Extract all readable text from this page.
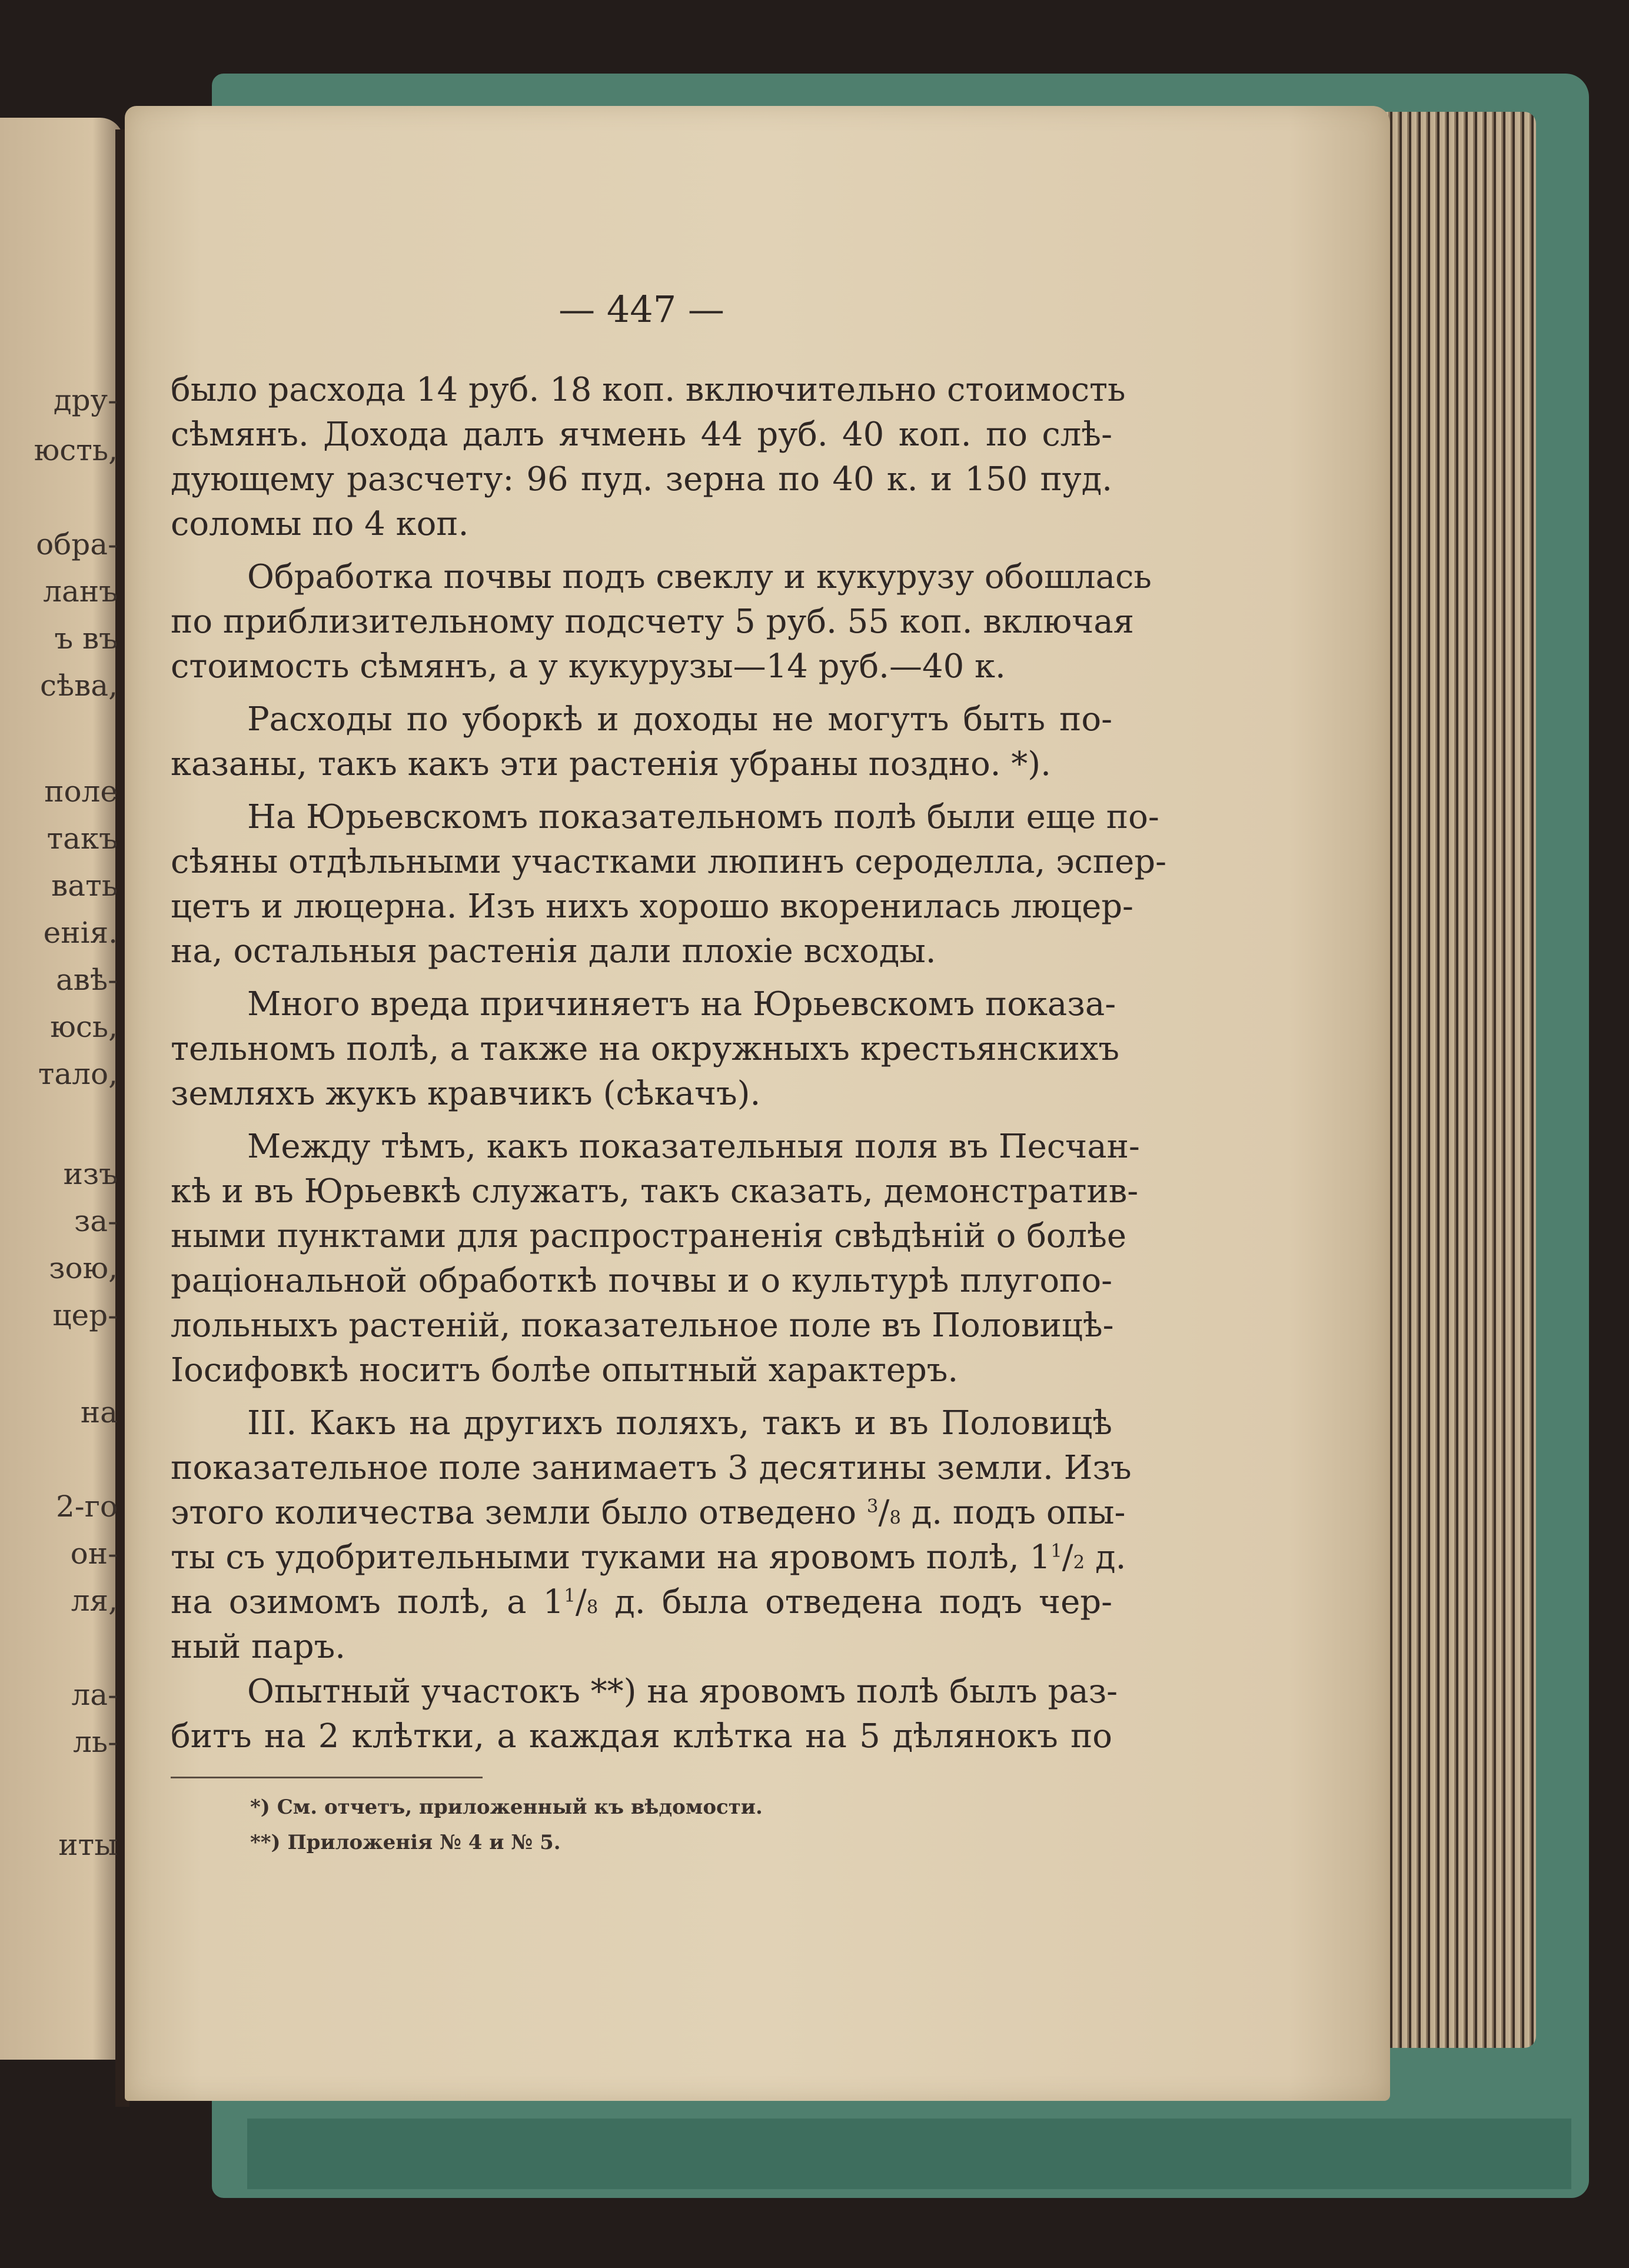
дру-
юсть,
обра-
ланъ
ъ въ
сѣва,
поле
такъ
вать
енія.
авѣ-
юсь,
тало,
изъ
за-
зою,
цер-
на
2-го
он-
ля,
ла-
ль-
иты
— 447 —
было расхода 14 руб. 18 коп. включительно стоимость
сѣмянъ. Дохода далъ ячмень 44 руб. 40 коп. по слѣ-
дующему разсчету: 96 пуд. зерна по 40 к. и 150 пуд.
соломы по 4 коп.
Обработка почвы подъ свеклу и кукурузу обошлась
по приблизительному подсчету 5 руб. 55 коп. включая
стоимость сѣмянъ, а у кукурузы—14 руб.—40 к.
Расходы по уборкѣ и доходы не могутъ быть по-
казаны, такъ какъ эти растенія убраны поздно. *).
На Юрьевскомъ показательномъ полѣ были еще по-
сѣяны отдѣльными участками люпинъ сероделла, эспер-
цетъ и люцерна. Изъ нихъ хорошо вкоренилась люцер-
на, остальныя растенія дали плохіе всходы.
Много вреда причиняетъ на Юрьевскомъ показа-
тельномъ полѣ, а также на окружныхъ крестьянскихъ
земляхъ жукъ кравчикъ (сѣкачъ).
Между тѣмъ, какъ показательныя поля въ Песчан-
кѣ и въ Юрьевкѣ служатъ, такъ сказать, демонстратив-
ными пунктами для распространенія свѣдѣній о болѣе
раціональной обработкѣ почвы и о культурѣ плугопо-
лольныхъ растеній, показательное поле въ Половицѣ-
Іосифовкѣ носитъ болѣе опытный характеръ.
III. Какъ на другихъ поляхъ, такъ и въ Половицѣ
показательное поле занимаетъ 3 десятины земли. Изъ
этого количества земли было отведено $^3$/8 д. подъ опы-
ты съ удобрительными туками на яровомъ полѣ, $1^1/2$ д.
на озимомъ полѣ, а $1^1/8$ д. была отведена подъ чер-
ный паръ.
*) См. отчетъ, приложенный къ вѣдомости.
**) Приложенія № 4 и № 5.
Опытный участокъ **) на яровомъ полѣ былъ раз-
битъ на 2 клѣтки, а каждая клѣтка на 5 дѣлянокъ по
